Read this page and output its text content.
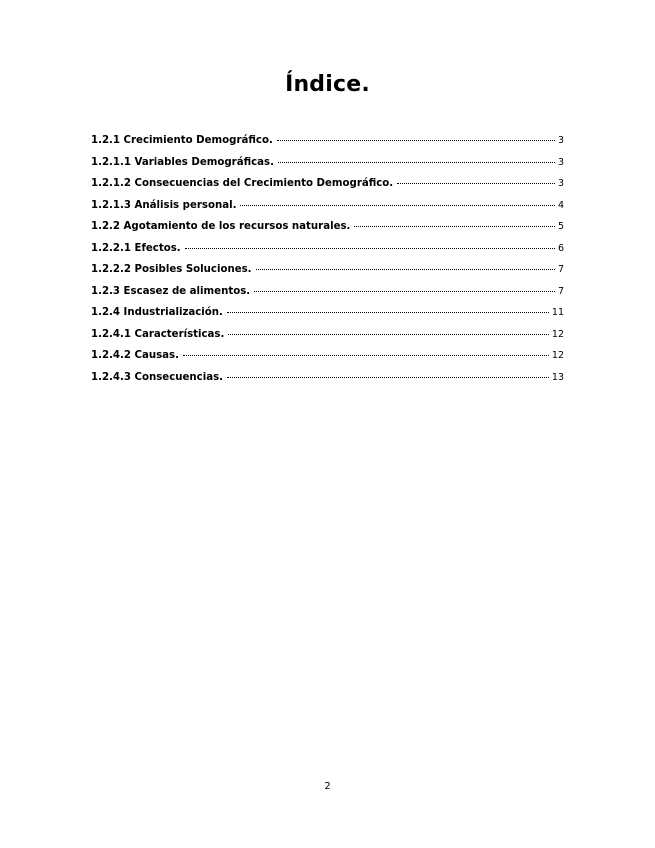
Índice.
1.2.1 Crecimiento Demográfico.	3
1.2.1.1 Variables Demográficas.	3
1.2.1.2 Consecuencias del Crecimiento Demográfico.	3
1.2.1.3 Análisis personal.	4
1.2.2 Agotamiento de los recursos naturales.	5
1.2.2.1 Efectos.	6
1.2.2.2 Posibles Soluciones.	7
1.2.3 Escasez de alimentos.	7
1.2.4 Industrialización.	11
1.2.4.1 Características.	12
1.2.4.2 Causas.	12
1.2.4.3 Consecuencias.	13
2
